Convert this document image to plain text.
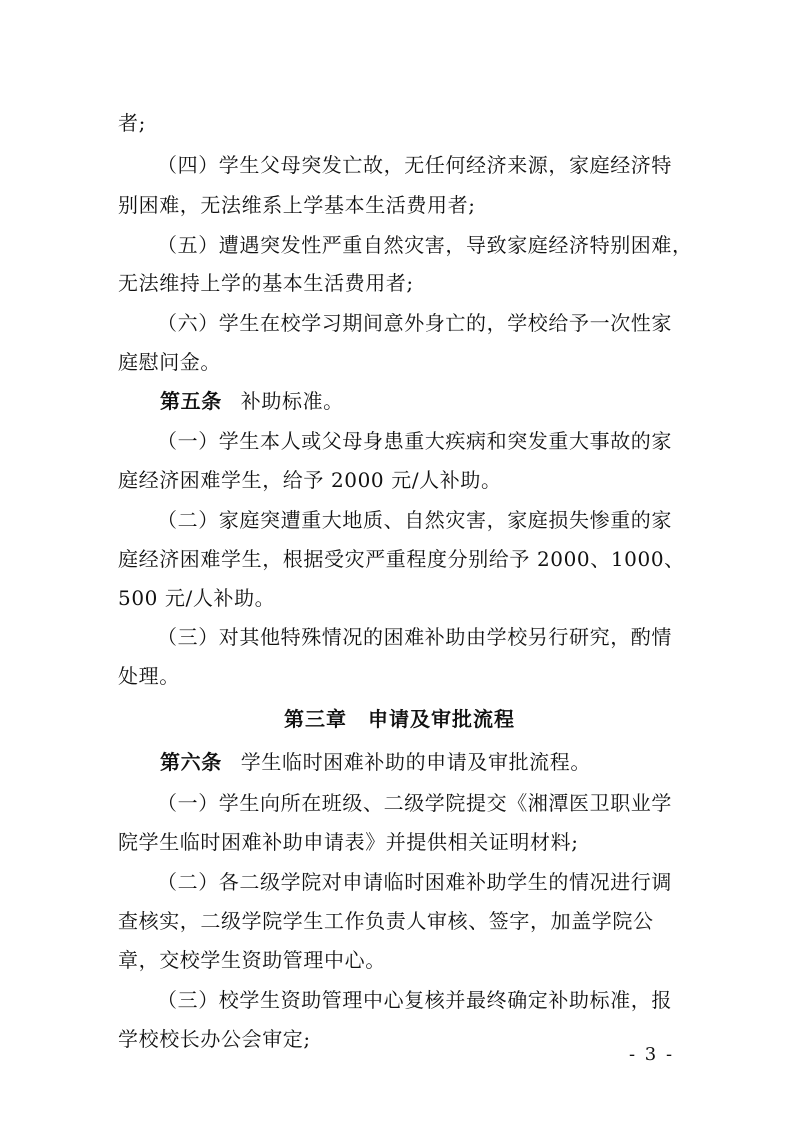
者;
（四）学生父母突发亡故，无任何经济来源，家庭经济特
别困难，无法维系上学基本生活费用者;
（五）遭遇突发性严重自然灾害，导致家庭经济特别困难，
无法维持上学的基本生活费用者;
（六）学生在校学习期间意外身亡的，学校给予一次性家
庭慰问金。
第五条 补助标准。
（一）学生本人或父母身患重大疾病和突发重大事故的家
庭经济困难学生，给予 2000 元/人补助。
（二）家庭突遭重大地质、自然灾害，家庭损失惨重的家
庭经济困难学生，根据受灾严重程度分别给予 2000、1000、
500 元/人补助。
（三）对其他特殊情况的困难补助由学校另行研究，酌情
处理。
第三章　申请及审批流程
第六条 学生临时困难补助的申请及审批流程。
（一）学生向所在班级、二级学院提交《湘潭医卫职业学
院学生临时困难补助申请表》并提供相关证明材料;
（二）各二级学院对申请临时困难补助学生的情况进行调
查核实，二级学院学生工作负责人审核、签字，加盖学院公
章，交校学生资助管理中心。
（三）校学生资助管理中心复核并最终确定补助标准，报
学校校长办公会审定;
- 3 -
